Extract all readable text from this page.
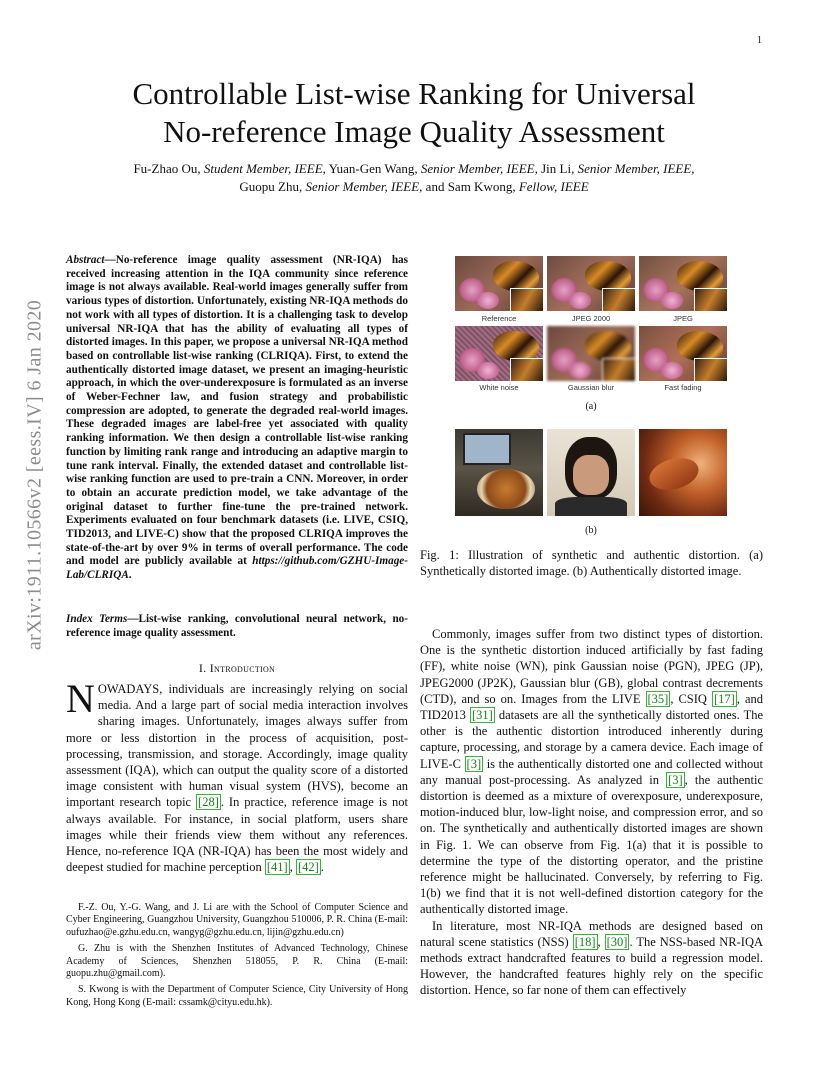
1
arXiv:1911.10566v2 [eess.IV] 6 Jan 2020
Controllable List-wise Ranking for Universal
No-reference Image Quality Assessment
Fu-Zhao Ou, Student Member, IEEE, Yuan-Gen Wang, Senior Member, IEEE, Jin Li, Senior Member, IEEE,
Guopu Zhu, Senior Member, IEEE, and Sam Kwong, Fellow, IEEE
Abstract—No-reference image quality assessment (NR-IQA) has received increasing attention in the IQA community since reference image is not always available. Real-world images generally suffer from various types of distortion. Unfortunately, existing NR-IQA methods do not work with all types of distortion. It is a challenging task to develop universal NR-IQA that has the ability of evaluating all types of distorted images. In this paper, we propose a universal NR-IQA method based on controllable list-wise ranking (CLRIQA). First, to extend the authentically distorted image dataset, we present an imaging-heuristic approach, in which the over-underexposure is formulated as an inverse of Weber-Fechner law, and fusion strategy and probabilistic compression are adopted, to generate the degraded real-world images. These degraded images are label-free yet associated with quality ranking information. We then design a controllable list-wise ranking function by limiting rank range and introducing an adaptive margin to tune rank interval. Finally, the extended dataset and controllable list-wise ranking function are used to pre-train a CNN. Moreover, in order to obtain an accurate prediction model, we take advantage of the original dataset to further fine-tune the pre-trained network. Experiments evaluated on four benchmark datasets (i.e. LIVE, CSIQ, TID2013, and LIVE-C) show that the proposed CLRIQA improves the state-of-the-art by over 9% in terms of overall performance. The code and model are publicly available at https://github.com/GZHU-Image-Lab/CLRIQA.
Index Terms—List-wise ranking, convolutional neural network, no-reference image quality assessment.
I. Introduction
NOWADAYS, individuals are increasingly relying on social media. And a large part of social media interaction involves sharing images. Unfortunately, images always suffer from more or less distortion in the process of acquisition, post-processing, transmission, and storage. Accordingly, image quality assessment (IQA), which can output the quality score of a distorted image consistent with human visual system (HVS), become an important research topic [28] . In practice, reference image is not always available. For instance, in social platform, users share images while their friends view them without any references. Hence, no-reference IQA (NR-IQA) has been the most widely and deepest studied for machine perception [41] , [42] .

F.-Z. Ou, Y.-G. Wang, and J. Li are with the School of Computer Science and Cyber Engineering, Guangzhou University, Guangzhou 510006, P. R. China (E-mail: oufuzhao@e.gzhu.edu.cn, wangyg@gzhu.edu.cn, lijin@gzhu.edu.cn)

G. Zhu is with the Shenzhen Institutes of Advanced Technology, Chinese Academy of Sciences, Shenzhen 518055, P. R. China (E-mail: guopu.zhu@gmail.com).

S. Kwong is with the Department of Computer Science, City University of Hong Kong, Hong Kong (E-mail: cssamk@cityu.edu.hk).

Reference	JPEG 2000	JPEG
White noise	Gaussian blur	Fast fading
(a)
(b)
Fig. 1: Illustration of synthetic and authentic distortion. (a) Synthetically distorted image. (b) Authentically distorted image.

Commonly, images suffer from two distinct types of distortion. One is the synthetic distortion induced artificially by fast fading (FF), white noise (WN), pink Gaussian noise (PGN), JPEG (JP), JPEG2000 (JP2K), Gaussian blur (GB), global contrast decrements (CTD), and so on. Images from the LIVE [35] , CSIQ [17] , and TID2013 [31] datasets are all the synthetically distorted ones. The other is the authentic distortion introduced inherently during capture, processing, and storage by a camera device. Each image of LIVE-C [3] is the authentically distorted one and collected without any manual post-processing. As analyzed in [3] , the authentic distortion is deemed as a mixture of overexposure, underexposure, motion-induced blur, low-light noise, and compression error, and so on. The synthetically and authentically distorted images are shown in Fig. 1. We can observe from Fig. 1(a) that it is possible to determine the type of the distorting operator, and the pristine reference might be hallucinated. Conversely, by referring to Fig. 1(b) we find that it is not well-defined distortion category for the authentically distorted image.

In literature, most NR-IQA methods are designed based on natural scene statistics (NSS) [18] , [30] . The NSS-based NR-IQA methods extract handcrafted features to build a regression model. However, the handcrafted features highly rely on the specific distortion. Hence, so far none of them can effectively
